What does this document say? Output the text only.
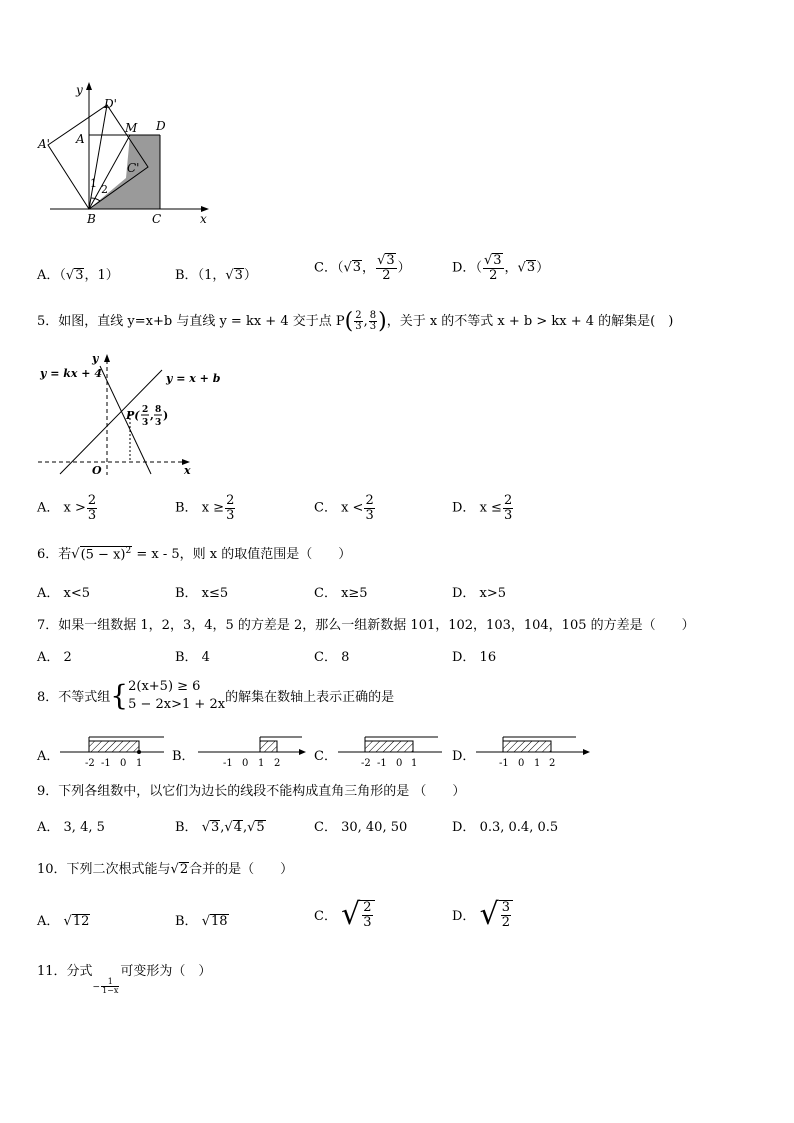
y
D'
A' A
M D
C'
1 2
B	C	x
A．（√3，1）	B．（1，√3）
C．（√3， $\frac{√3}{2}$ ）	D．（ $\frac{√3}{2}$ ，√3）
5．如图，直线 y=x+b 与直线 y = kx + 4 交于点 $P( \frac{2}{3}$ , $\frac{8}{3}$ )，关于 x 的不等式 x + b > kx + 4 的解集是(　)
y = kx + 4	y = x + b
y
P( 2
3
, 8
3
)
O	x
A． $x > \frac{2}{3}$	B． $x \ge \frac{2}{3}$	C． $x < \frac{2}{3}$	D． $x \le \frac{2}{3}$
6．若$√(5 - x)^2 = x - 5$，则 x 的取值范围是（　　）
A． x<5	B． x≤5	C． x≥5	D． x>5
7．如果一组数据 1，2，3，4，5 的方差是 2，那么一组新数据 101，102，103，104，105 的方差是（　　）
A． 2	B． 4	C． 8	D． 16
8．不等式组{ 2(x+5) ≥ 6
5 − 2x>1 + 2x 的解集在数轴上表示正确的是
A．	-2 -1 0 1 B．	-1 0 1 2	C． -2 -1 0 1	D． -1 0 1 2
9．下列各组数中，以它们为边长的线段不能构成直角三角形的是 （　　）
A． 3, 4, 5	B． √3,√4,√5	C． 30, 40, 50	D． 0.3, 0.4, 0.5
10．下列二次根式能与√2合并的是（　　）
A． √12	B． √18	C． √ $\frac{2}{3}$	D． √ $\frac{3}{2}$
11．分式− $\frac{1}{1-x}$
可变形为（　）
